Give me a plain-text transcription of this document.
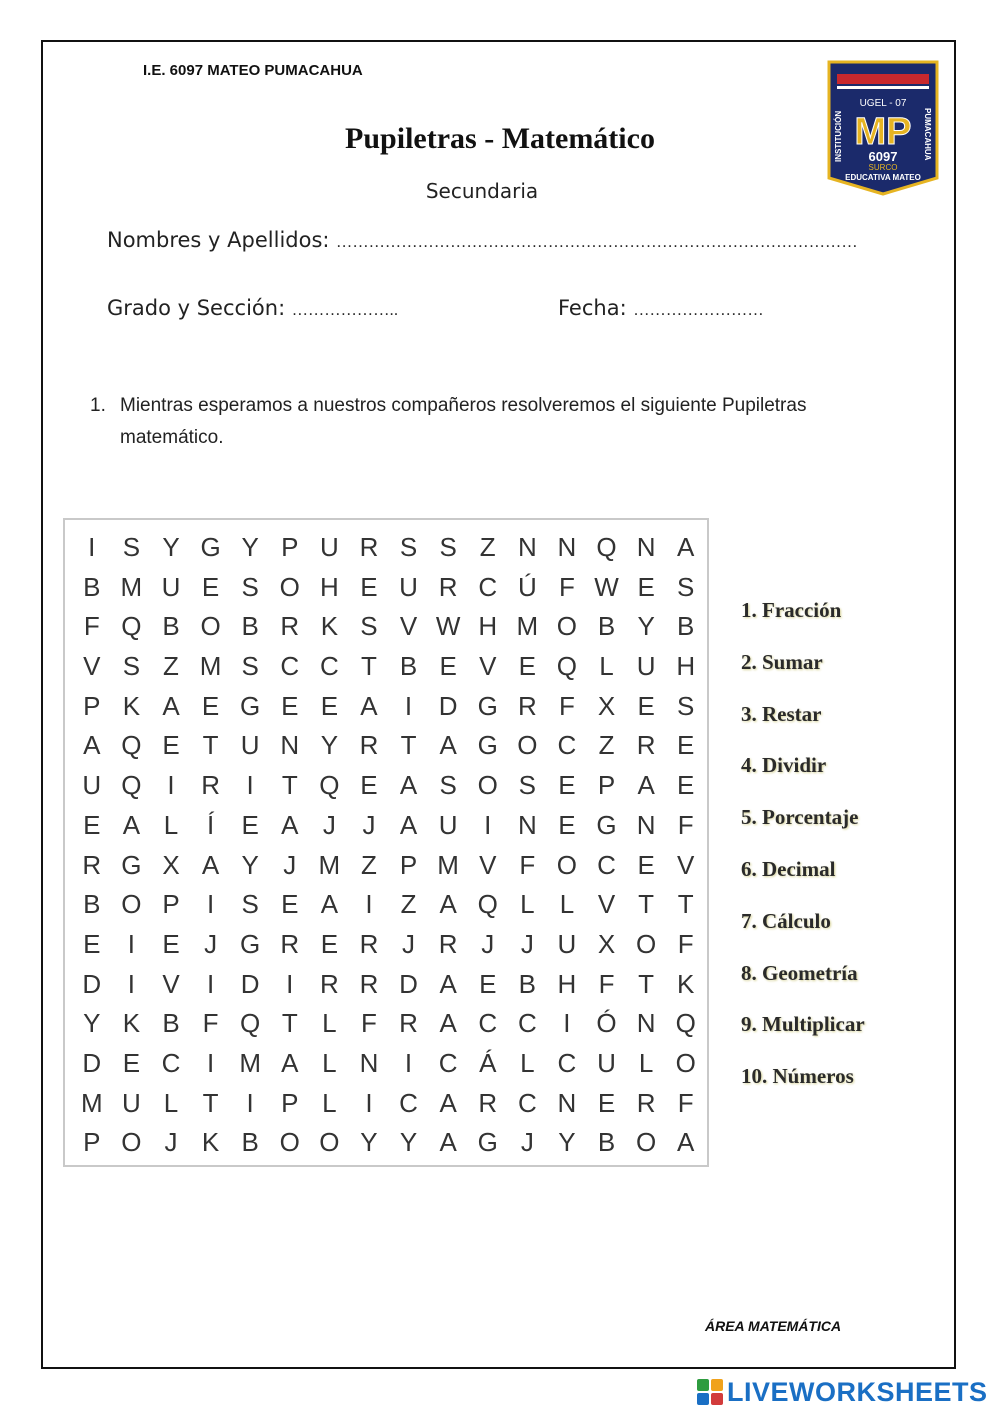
I.E. 6097 MATEO PUMACAHUA
Pupiletras - Matemático
Secundaria
UGEL - 07
MP
6097
SURCO
EDUCATIVA MATEO
INSTITUCIÓN	PUMACAHUA
Nombres y Apellidos: ……………………………………………………………………………………
Grado y Sección: ………………..	Fecha: ……………………
1. Mientras esperamos a nuestros compañeros resolveremos el siguiente Pupiletras matemático.
I	S Y G Y P U R S S Z N N Q N A
B M U E S O H E U R C Ú F W E S
F Q B O B R K S V W H M O B Y B
V S Z M S C C T B E V E Q L U H
P K A E G E E A	I	D G R F X E S
A Q E T U N Y R T A G O C Z R E
U Q I	R	I	T Q E A S O S E P A E
E A L	Í	E A J	J A U	I	N E G N F
R G X A Y J M Z P M V F O C E V
B O P	I	S E A	I	Z A Q L L V T T
E	I	E J G R E R J R J	J U X O F
D	I	V	I	D	I	R R D A E B H F T K
Y K B F Q T L F R A C C	I Ó N Q
D E C	I M A L N	I	C Á L C U L O
M U L T	I	P L	I	C A R C N E R F
P O J K B O O Y Y A G J Y B O A
1. Fracción
2. Sumar
3. Restar
4. Dividir
5. Porcentaje
6. Decimal
7. Cálculo
8. Geometría
9. Multiplicar
10. Números
ÁREA MATEMÁTICA
LIVEWORKSHEETS
